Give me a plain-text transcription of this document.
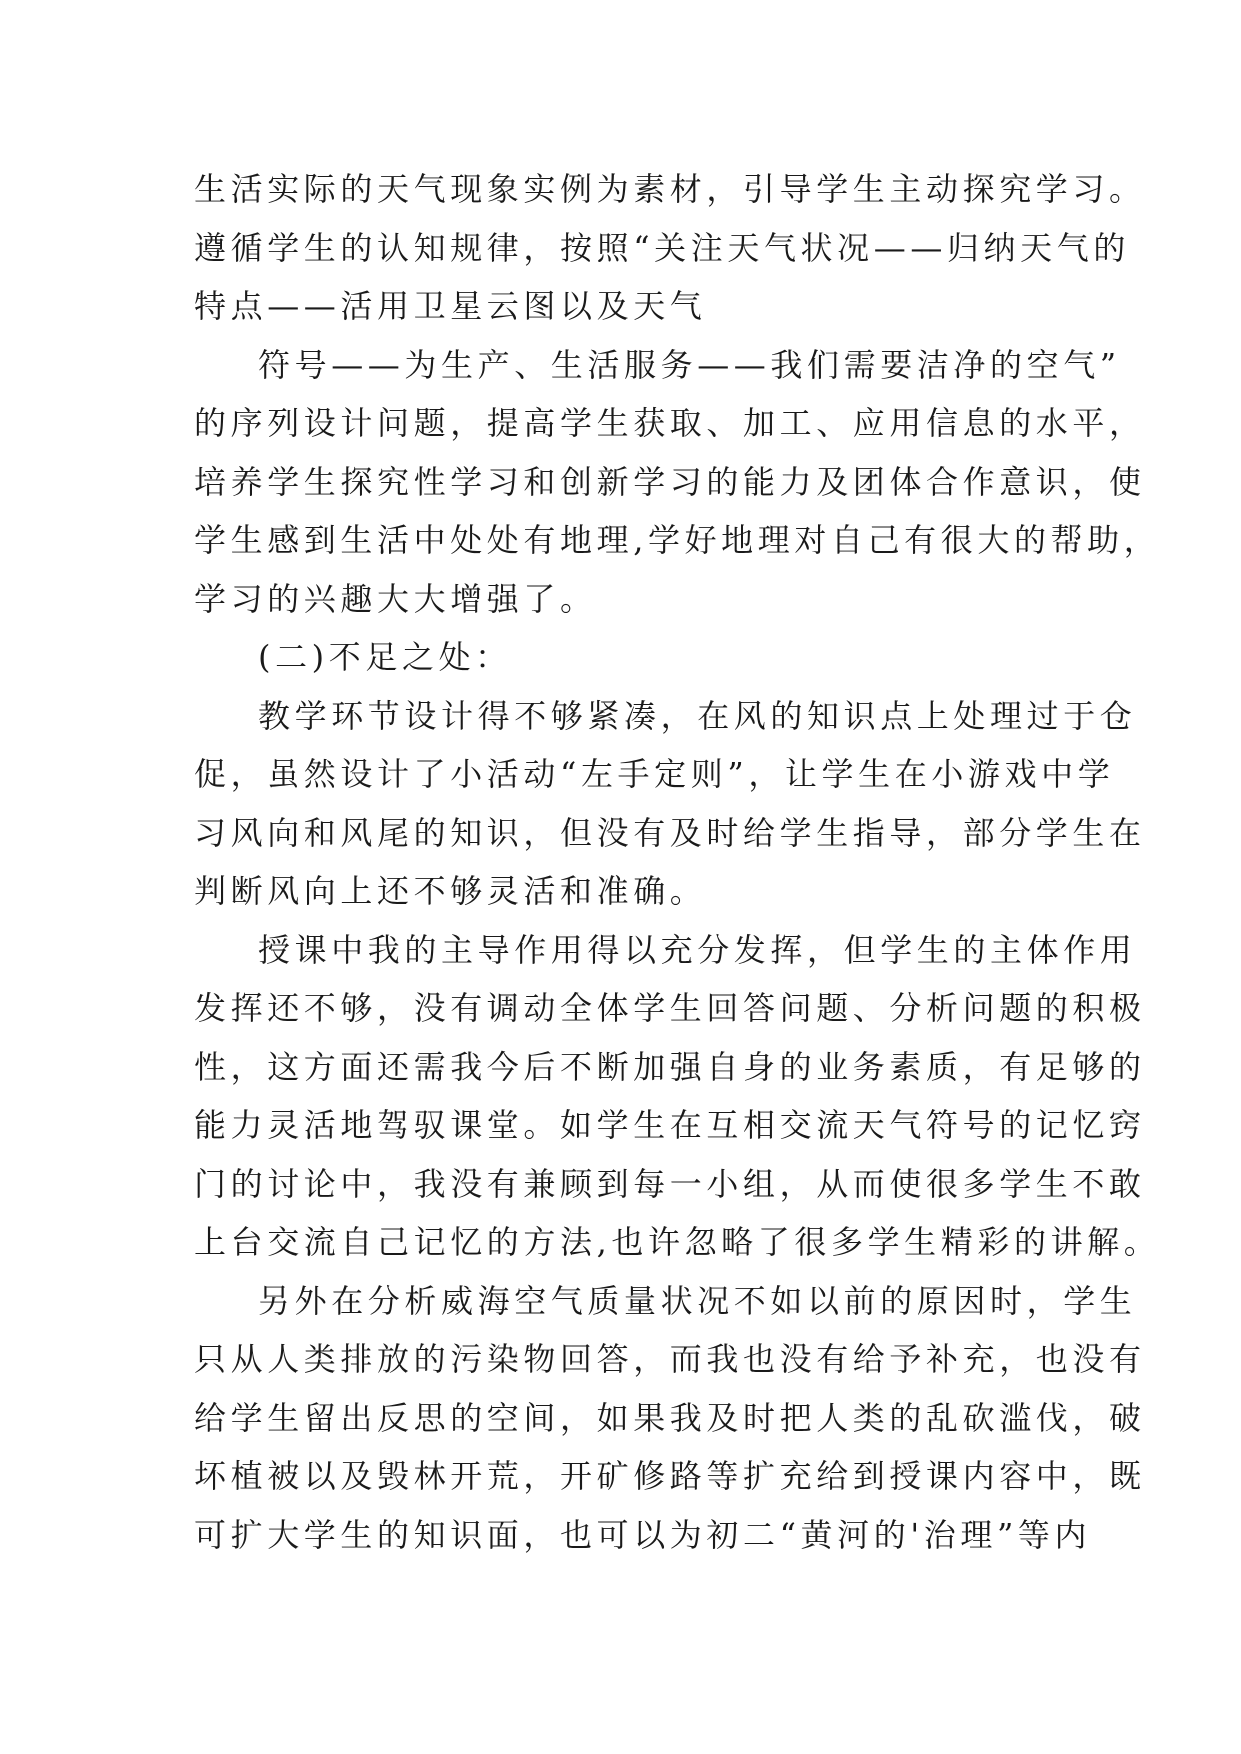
生活实际的天气现象实例为素材，引导学生主动探究学习。
遵循学生的认知规律，按照“关注天气状况——归纳天气的
特点——活用卫星云图以及天气
符号——为生产、生活服务——我们需要洁净的空气”
的序列设计问题，提高学生获取、加工、应用信息的水平，
培养学生探究性学习和创新学习的能力及团体合作意识，使
学生感到生活中处处有地理,学好地理对自己有很大的帮助，
学习的兴趣大大增强了。
(二)不足之处：
教学环节设计得不够紧凑，在风的知识点上处理过于仓
促，虽然设计了小活动“左手定则”，让学生在小游戏中学
习风向和风尾的知识，但没有及时给学生指导，部分学生在
判断风向上还不够灵活和准确。
授课中我的主导作用得以充分发挥，但学生的主体作用
发挥还不够，没有调动全体学生回答问题、分析问题的积极
性，这方面还需我今后不断加强自身的业务素质，有足够的
能力灵活地驾驭课堂。如学生在互相交流天气符号的记忆窍
门的讨论中，我没有兼顾到每一小组，从而使很多学生不敢
上台交流自己记忆的方法,也许忽略了很多学生精彩的讲解。
另外在分析威海空气质量状况不如以前的原因时，学生
只从人类排放的污染物回答，而我也没有给予补充，也没有
给学生留出反思的空间，如果我及时把人类的乱砍滥伐，破
坏植被以及毁林开荒，开矿修路等扩充给到授课内容中，既
可扩大学生的知识面，也可以为初二“黄河的'治理”等内
